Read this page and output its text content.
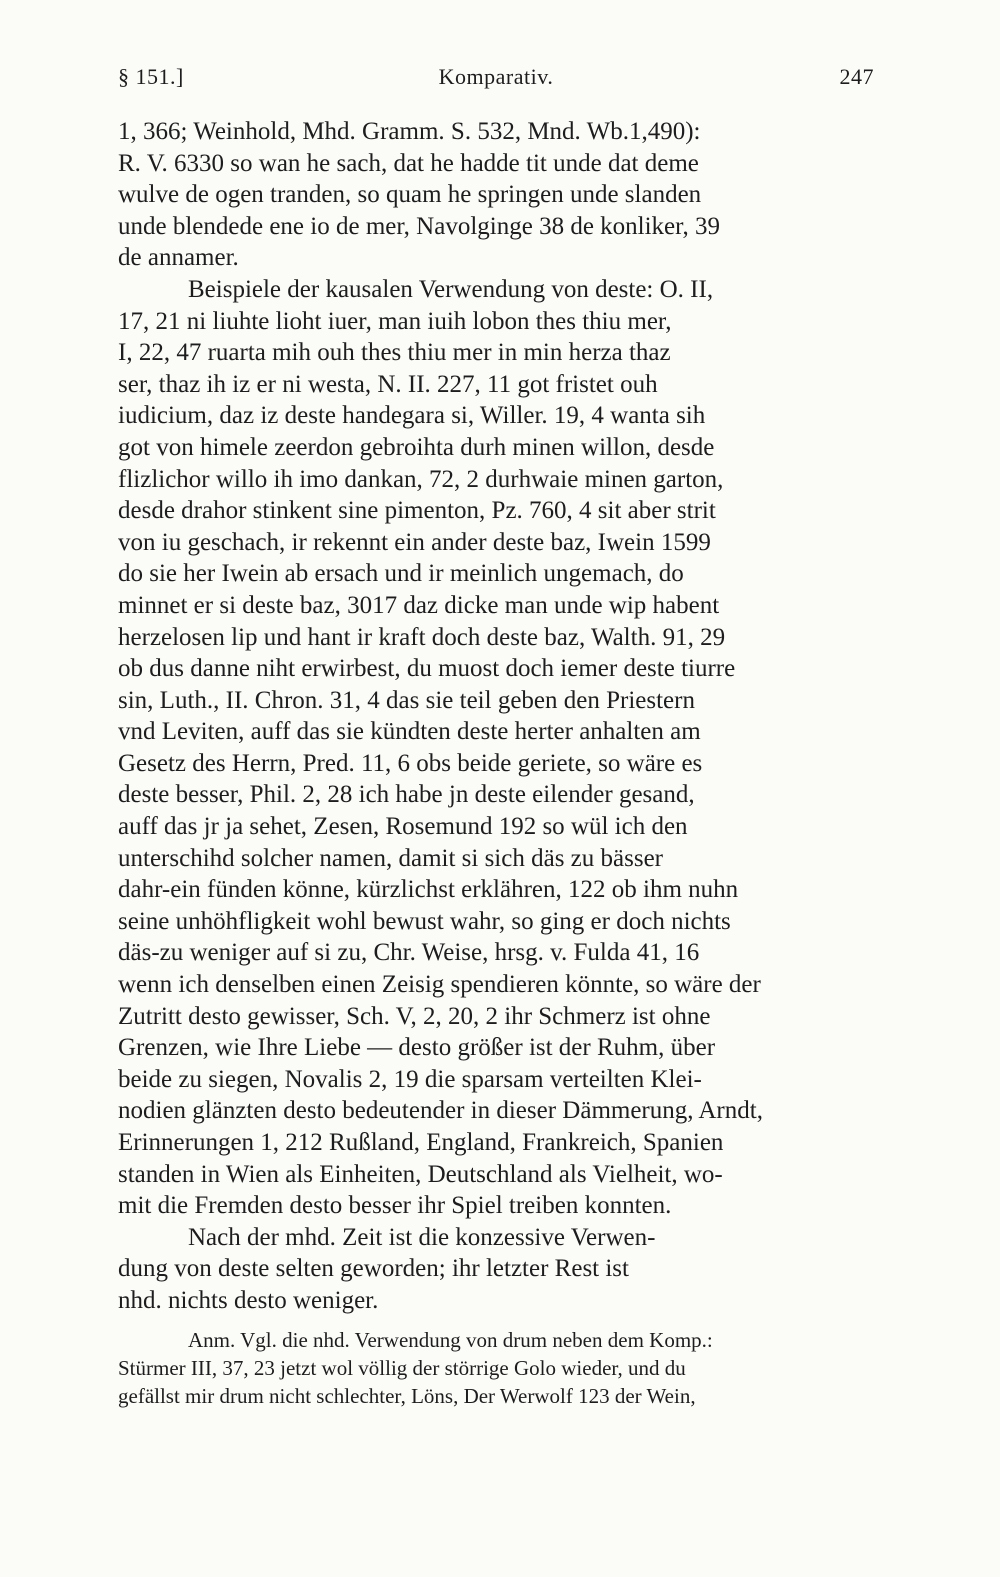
§ 151.]	Komparativ.	247
1, 366; Weinhold, Mhd. Gramm. S. 532, Mnd. Wb.1,490):
R. V. 6330 so wan he sach, dat he hadde tit unde dat deme
wulve de ogen tranden, so quam he springen unde slanden
unde blendede ene io de mer, Navolginge 38 de konliker, 39
de annamer.
Beispiele der kausalen Verwendung von deste: O. II,
17, 21 ni liuhte lioht iuer, man iuih lobon thes thiu mer,
I, 22, 47 ruarta mih ouh thes thiu mer in min herza thaz
ser, thaz ih iz er ni westa, N. II. 227, 11 got fristet ouh
iudicium, daz iz deste handegara si, Willer. 19, 4 wanta sih
got von himele zeerdon gebroihta durh minen willon, desde
flizlichor willo ih imo dankan, 72, 2 durhwaie minen garton,
desde drahor stinkent sine pimenton, Pz. 760, 4 sit aber strit
von iu geschach, ir rekennt ein ander deste baz, Iwein 1599
do sie her Iwein ab ersach und ir meinlich ungemach, do
minnet er si deste baz, 3017 daz dicke man unde wip habent
herzelosen lip und hant ir kraft doch deste baz, Walth. 91, 29
ob dus danne niht erwirbest, du muost doch iemer deste tiurre
sin, Luth., II. Chron. 31, 4 das sie teil geben den Priestern
vnd Leviten, auff das sie kündten deste herter anhalten am
Gesetz des Herrn, Pred. 11, 6 obs beide geriete, so wäre es
deste besser, Phil. 2, 28 ich habe jn deste eilender gesand,
auff das jr ja sehet, Zesen, Rosemund 192 so wül ich den
unterschihd solcher namen, damit si sich däs zu bässer
dahr-ein fünden könne, kürzlichst erklähren, 122 ob ihm nuhn
seine unhöhfligkeit wohl bewust wahr, so ging er doch nichts
däs-zu weniger auf si zu, Chr. Weise, hrsg. v. Fulda 41, 16
wenn ich denselben einen Zeisig spendieren könnte, so wäre der
Zutritt desto gewisser, Sch. V, 2, 20, 2 ihr Schmerz ist ohne
Grenzen, wie Ihre Liebe — desto größer ist der Ruhm, über
beide zu siegen, Novalis 2, 19 die sparsam verteilten Klei-
nodien glänzten desto bedeutender in dieser Dämmerung, Arndt,
Erinnerungen 1, 212 Rußland, England, Frankreich, Spanien
standen in Wien als Einheiten, Deutschland als Vielheit, wo-
mit die Fremden desto besser ihr Spiel treiben konnten.
Nach der mhd. Zeit ist die konzessive Verwen-
dung von deste selten geworden; ihr letzter Rest ist
nhd. nichts desto weniger.
Anm. Vgl. die nhd. Verwendung von drum neben dem Komp.:
Stürmer III, 37, 23 jetzt wol völlig der störrige Golo wieder, und du
gefällst mir drum nicht schlechter, Löns, Der Werwolf 123 der Wein,
